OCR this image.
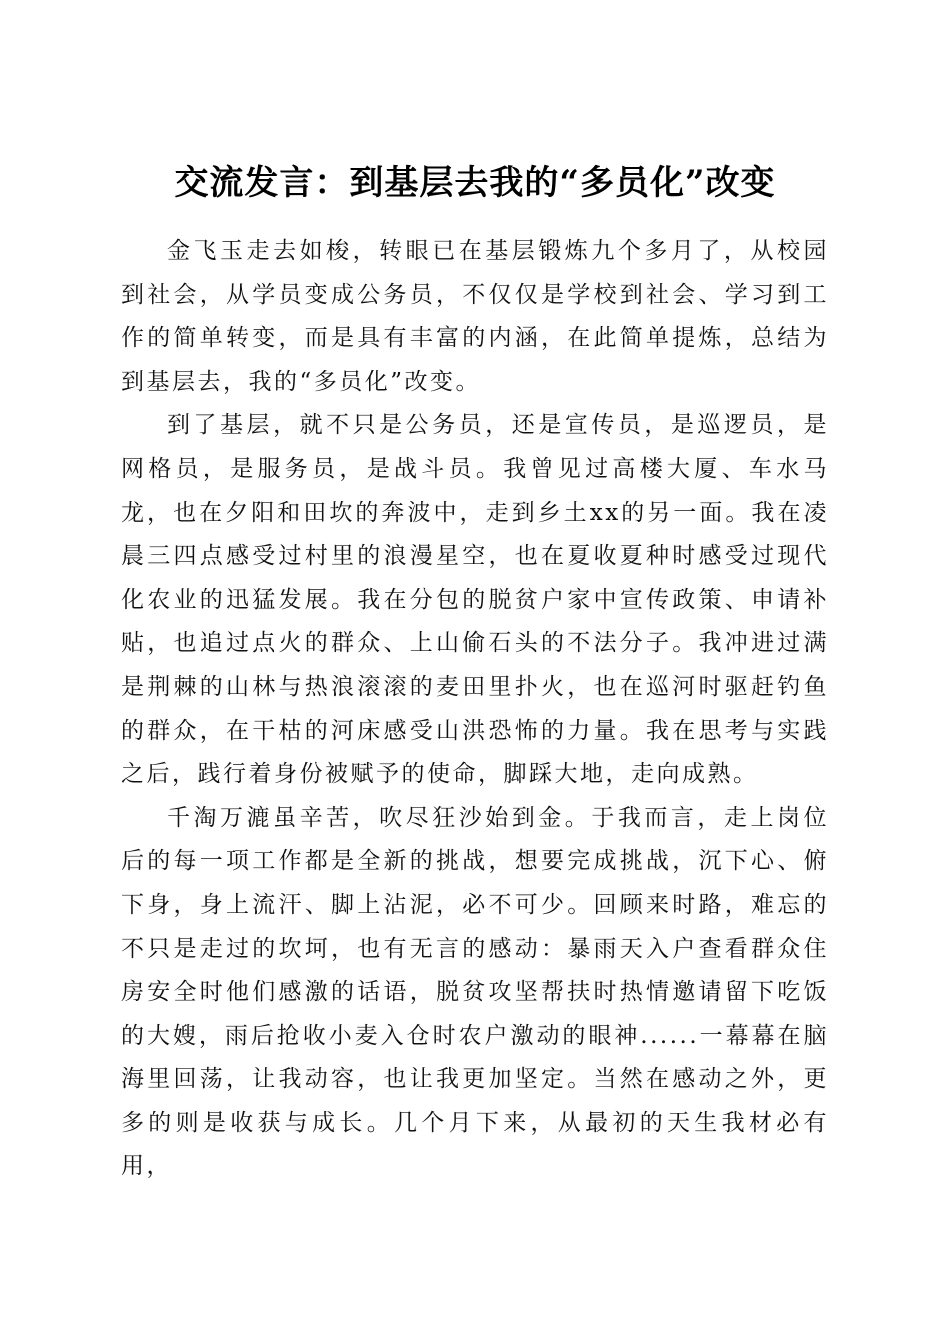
交流发言：到基层去我的“多员化”改变

金飞玉走去如梭，转眼已在基层锻炼九个多月了，从校园到社会，从学员变成公务员，不仅仅是学校到社会、学习到工作的简单转变，而是具有丰富的内涵，在此简单提炼，总结为到基层去，我的“多员化”改变。

到了基层，就不只是公务员，还是宣传员，是巡逻员，是网格员，是服务员，是战斗员。我曾见过高楼大厦、车水马龙，也在夕阳和田坎的奔波中，走到乡土xx的另一面。我在凌晨三四点感受过村里的浪漫星空，也在夏收夏种时感受过现代化农业的迅猛发展。我在分包的脱贫户家中宣传政策、申请补贴，也追过点火的群众、上山偷石头的不法分子。我冲进过满是荆棘的山林与热浪滚滚的麦田里扑火，也在巡河时驱赶钓鱼的群众，在干枯的河床感受山洪恐怖的力量。我在思考与实践之后，践行着身份被赋予的使命，脚踩大地，走向成熟。

千淘万漉虽辛苦，吹尽狂沙始到金。于我而言，走上岗位后的每一项工作都是全新的挑战，想要完成挑战，沉下心、俯下身，身上流汗、脚上沾泥，必不可少。回顾来时路，难忘的不只是走过的坎坷，也有无言的感动：暴雨天入户查看群众住房安全时他们感激的话语，脱贫攻坚帮扶时热情邀请留下吃饭的大嫂，雨后抢收小麦入仓时农户激动的眼神......一幕幕在脑海里回荡，让我动容，也让我更加坚定。当然在感动之外，更多的则是收获与成长。几个月下来，从最初的天生我材必有用，
